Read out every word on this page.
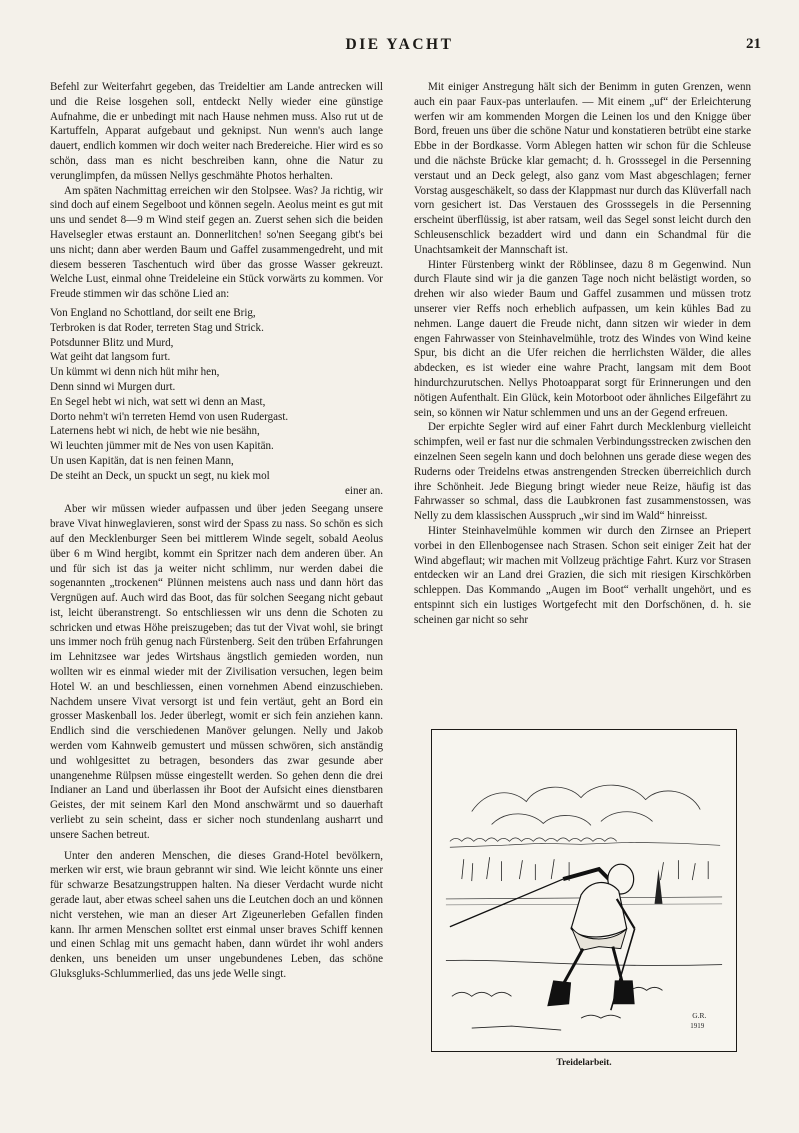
DIE YACHT	21

Befehl zur Weiterfahrt gegeben, das Treideltier am Lande antrecken will und die Reise losgehen soll, entdeckt Nelly wieder eine günstige Aufnahme, die er unbedingt mit nach Hause nehmen muss. Also rut ut de Kartuffeln, Apparat aufgebaut und geknipst. Nun wenn's auch lange dauert, endlich kommen wir doch weiter nach Bredereiche. Hier wird es so schön, dass man es nicht beschreiben kann, ohne die Natur zu verunglimpfen, da müssen Nellys geschmähte Photos herhalten.

Am späten Nachmittag erreichen wir den Stolpsee. Was? Ja richtig, wir sind doch auf einem Segelboot und können segeln. Aeolus meint es gut mit uns und sendet 8—9 m Wind steif gegen an. Zuerst sehen sich die beiden Havelsegler etwas erstaunt an. Donnerlitchen! so'nen Seegang gibt's bei uns nicht; dann aber werden Baum und Gaffel zusammengedreht, und mit diesem besseren Taschentuch wird über das grosse Wasser gekreuzt. Welche Lust, einmal ohne Treideleine ein Stück vorwärts zu kommen. Vor Freude stimmen wir das schöne Lied an:

Von England no Schottland, dor seilt ene Brig,
Terbroken is dat Roder, terreten Stag und Strick.
Potsdunner Blitz und Murd,
Wat geiht dat langsom furt.
Un kümmt wi denn nich hüt mihr hen,
Denn sinnd wi Murgen durt.
En Segel hebt wi nich, wat sett wi denn an Mast,
Dorto nehm't wi'n terreten Hemd von usen Rudergast.
Laternens hebt wi nich, de hebt wie nie besähn,
Wi leuchten jümmer mit de Nes von usen Kapitän.
Un usen Kapitän, dat is nen feinen Mann,
De steiht an Deck, un spuckt un segt, nu kiek mol
einer an.

Aber wir müssen wieder aufpassen und über jeden Seegang unsere brave Vivat hinweglavieren, sonst wird der Spass zu nass. So schön es sich auf den Mecklenburger Seen bei mittlerem Winde segelt, sobald Aeolus über 6 m Wind hergibt, kommt ein Spritzer nach dem anderen über. An und für sich ist das ja weiter nicht schlimm, nur werden dabei die sogenannten „trockenen“ Plünnen meistens auch nass und dann hört das Vergnügen auf. Auch wird das Boot, das für solchen Seegang nicht gebaut ist, leicht überanstrengt. So entschliessen wir uns denn die Schoten zu schricken und etwas Höhe preiszugeben; das tut der Vivat wohl, sie bringt uns immer noch früh genug nach Fürstenberg. Seit den trüben Erfahrungen im Lehnitzsee war jedes Wirtshaus ängstlich gemieden worden, nun wollten wir es einmal wieder mit der Zivilisation versuchen, legen beim Hotel W. an und beschliessen, einen vornehmen Abend einzuschieben. Nachdem unsere Vivat versorgt ist und fein vertäut, geht an Bord ein grosser Maskenball los. Jeder überlegt, womit er sich fein anziehen kann. Endlich sind die verschiedenen Manöver gelungen. Nelly und Jakob werden vom Kahnweib gemustert und müssen schwören, sich anständig und wohlgesittet zu betragen, besonders das zwar gesunde aber unangenehme Rülpsen müsse eingestellt werden. So gehen denn die drei Indianer an Land und überlassen ihr Boot der Aufsicht eines dienstbaren Geistes, der mit seinem Karl den Mond anschwärmt und so dauerhaft verliebt zu sein scheint, dass er sicher noch stundenlang ausharrt und unsere Sachen betreut.

Unter den anderen Menschen, die dieses Grand-Hotel bevölkern, merken wir erst, wie braun gebrannt wir sind. Wie leicht könnte uns einer für schwarze Besatzungstruppen halten. Na dieser Verdacht wurde nicht gerade laut, aber etwas scheel sahen uns die Leutchen doch an und können nicht verstehen, wie man an dieser Art Zigeunerleben Gefallen finden kann. Ihr armen Menschen solltet erst einmal unser braves Schiff kennen und einen Schlag mit uns gemacht haben, dann würdet ihr wohl anders denken, uns beneiden um unser ungebundenes Leben, das schöne Gluksgluks-Schlummerlied, das uns jede Welle singt.

Mit einiger Anstregung hält sich der Benimm in guten Grenzen, wenn auch ein paar Faux-pas unterlaufen. — Mit einem „uf“ der Erleichterung werfen wir am kommenden Morgen die Leinen los und den Knigge über Bord, freuen uns über die schöne Natur und konstatieren betrübt eine starke Ebbe in der Bordkasse. Vorm Ablegen hatten wir schon für die Schleuse und die nächste Brücke klar gemacht; d. h. Grosssegel in die Persenning verstaut und an Deck gelegt, also ganz vom Mast abgeschlagen; ferner Vorstag ausgeschäkelt, so dass der Klappmast nur durch das Klüverfall nach vorn gesichert ist. Das Verstauen des Grosssegels in die Persenning erscheint überflüssig, ist aber ratsam, weil das Segel sonst leicht durch den Schleusenschlick bezaddert wird und dann ein Schandmal für die Unachtsamkeit der Mannschaft ist.

Hinter Fürstenberg winkt der Röblinsee, dazu 8 m Gegenwind. Nun durch Flaute sind wir ja die ganzen Tage noch nicht belästigt worden, so drehen wir also wieder Baum und Gaffel zusammen und müssen trotz unserer vier Reffs noch erheblich aufpassen, um kein kühles Bad zu nehmen. Lange dauert die Freude nicht, dann sitzen wir wieder in dem engen Fahrwasser von Steinhavelmühle, trotz des Windes von Wind keine Spur, bis dicht an die Ufer reichen die herrlichsten Wälder, die alles abdecken, es ist wieder eine wahre Pracht, langsam mit dem Boot hindurchzurutschen. Nellys Photoapparat sorgt für Erinnerungen und den nötigen Aufenthalt. Ein Glück, kein Motorboot oder ähnliches Eilgefährt zu sein, so können wir Natur schlemmen und uns an der Gegend erfreuen.

Der erpichte Segler wird auf einer Fahrt durch Mecklenburg vielleicht schimpfen, weil er fast nur die schmalen Verbindungsstrecken zwischen den einzelnen Seen segeln kann und doch belohnen uns gerade diese wegen des Ruderns oder Treidelns etwas anstrengenden Strecken überreichlich durch ihre Schönheit. Jede Biegung bringt wieder neue Reize, häufig ist das Fahrwasser so schmal, dass die Laubkronen fast zusammenstossen, was Nelly zu dem klassischen Ausspruch „wir sind im Wald“ hinreisst.

Hinter Steinhavelmühle kommen wir durch den Zirnsee an Priepert vorbei in den Ellenbogensee nach Strasen. Schon seit einiger Zeit hat der Wind abgeflaut; wir machen mit Vollzeug prächtige Fahrt. Kurz vor Strasen entdecken wir an Land drei Grazien, die sich mit riesigen Kirschkörben schleppen. Das Kommando „Augen im Boot“ verhallt ungehört, und es entspinnt sich ein lustiges Wortgefecht mit den Dorfschönen, d. h. sie scheinen gar nicht so sehr

G.R.
1919
Treidelarbeit.
